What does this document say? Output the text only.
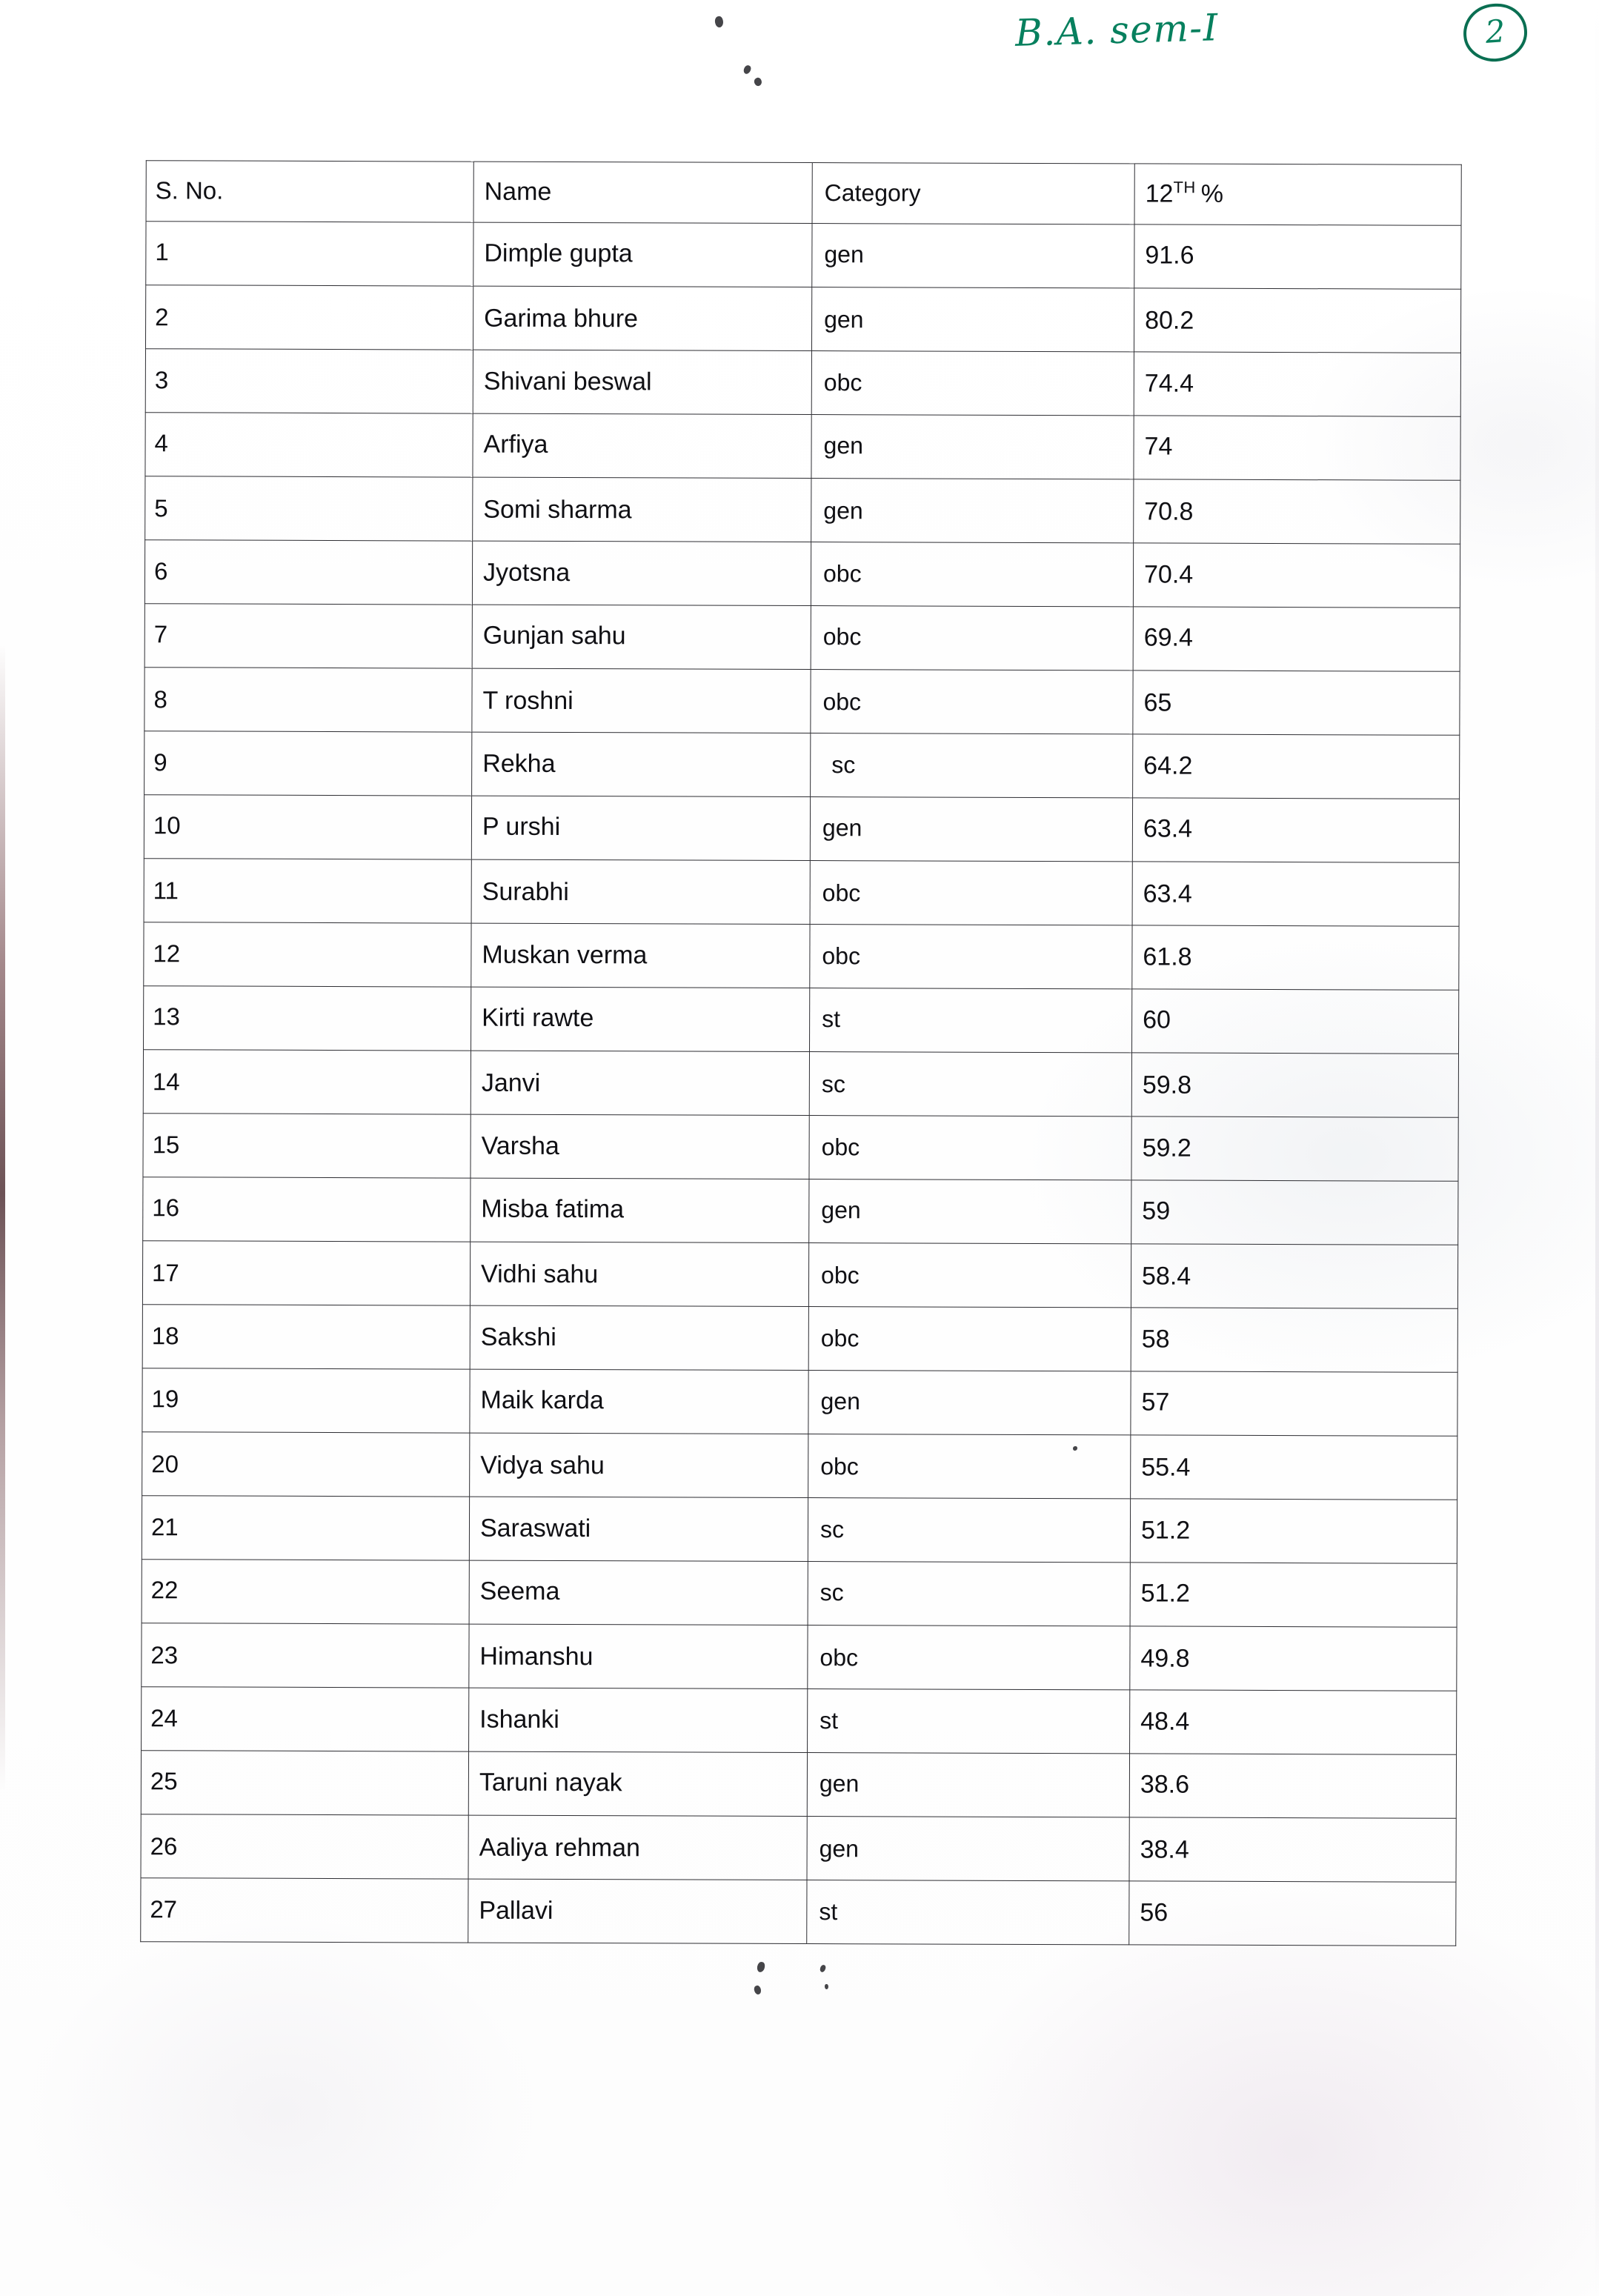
B.A. sem-I	2
S. No.	Name	Category	12TH %

1	Dimple gupta	gen	91.6

2	Garima bhure	gen	80.2

3	Shivani beswal	obc	74.4

4	Arfiya	gen	74

5	Somi sharma	gen	70.8

6	Jyotsna	obc	70.4

7	Gunjan sahu	obc	69.4

8	T roshni	obc	65

9	Rekha	sc	64.2

10	P urshi	gen	63.4

11	Surabhi	obc	63.4

12	Muskan verma	obc	61.8

13	Kirti rawte	st	60

14	Janvi	sc	59.8

15	Varsha	obc	59.2

16	Misba fatima	gen	59

17	Vidhi sahu	obc	58.4

18	Sakshi	obc	58

19	Maik karda	gen	57

20	Vidya sahu	obc	55.4

21	Saraswati	sc	51.2

22	Seema	sc	51.2

23	Himanshu	obc	49.8

24	Ishanki	st	48.4

25	Taruni nayak	gen	38.6

26	Aaliya rehman	gen	38.4

27	Pallavi	st	56
